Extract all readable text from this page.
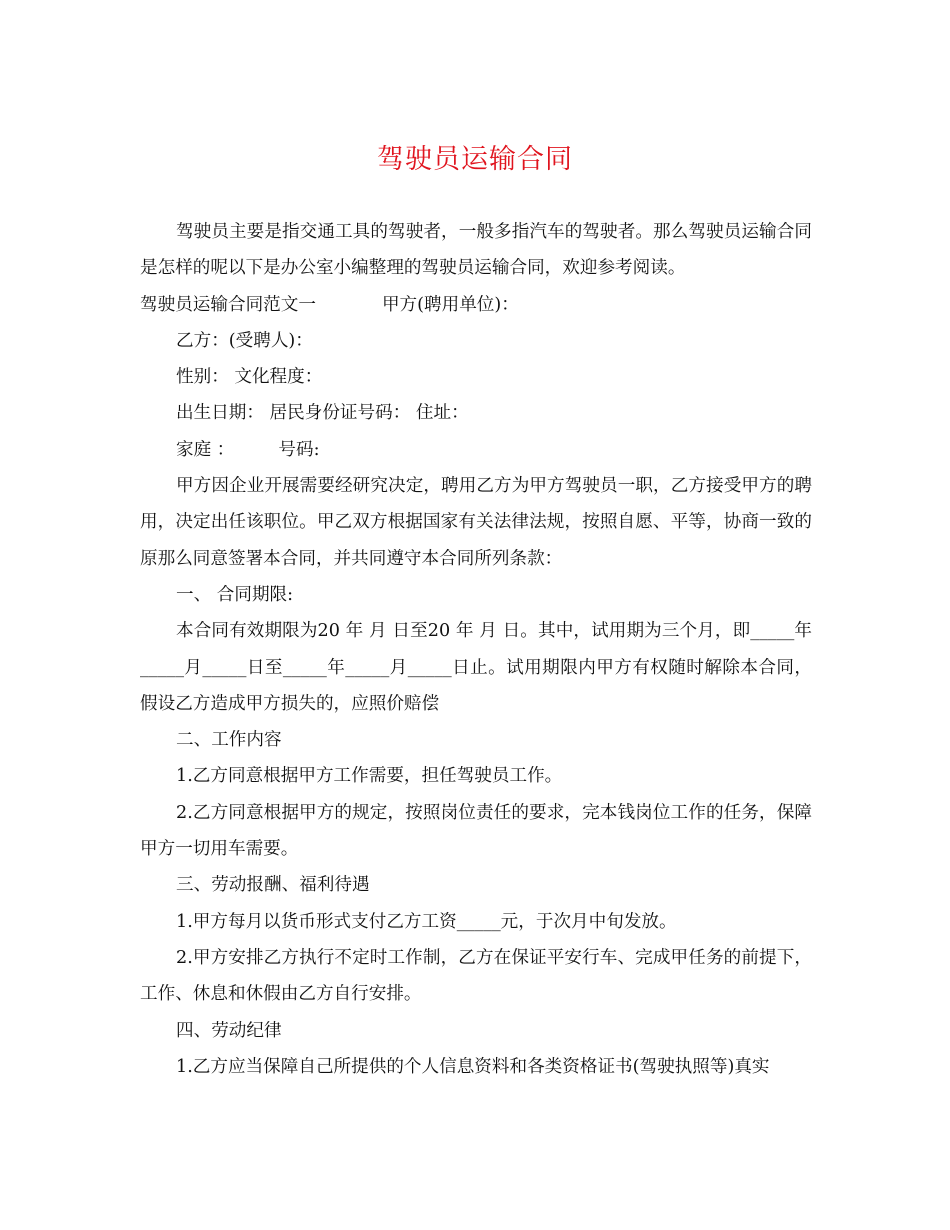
驾驶员运输合同

驾驶员主要是指交通工具的驾驶者，一般多指汽车的驾驶者。那么驾驶员运输合同是怎样的呢以下是办公室小编整理的驾驶员运输合同，欢迎参考阅读。

驾驶员运输合同范文一	甲方(聘用单位)：

乙方：(受聘人)：

性别： 文化程度：

出生日期： 居民身份证号码： 住址：

家庭 ：	号码:

甲方因企业开展需要经研究决定，聘用乙方为甲方驾驶员一职，乙方接受甲方的聘用，决定出任该职位。甲乙双方根据国家有关法律法规，按照自愿、平等，协商一致的原那么同意签署本合同，并共同遵守本合同所列条款：

一、 合同期限:

本合同有效期限为20 年 月 日至20 年 月 日。其中，试用期为三个月，即_____年_____月_____日至_____年_____月_____日止。试用期限内甲方有权随时解除本合同，假设乙方造成甲方损失的，应照价赔偿

二、工作内容

1.乙方同意根据甲方工作需要，担任驾驶员工作。

2.乙方同意根据甲方的规定，按照岗位责任的要求，完本钱岗位工作的任务，保障甲方一切用车需要。

三、劳动报酬、福利待遇

1.甲方每月以货币形式支付乙方工资_____元，于次月中旬发放。

2.甲方安排乙方执行不定时工作制，乙方在保证平安行车、完成甲任务的前提下，工作、休息和休假由乙方自行安排。

四、劳动纪律

1.乙方应当保障自己所提供的个人信息资料和各类资格证书(驾驶执照等)真实
